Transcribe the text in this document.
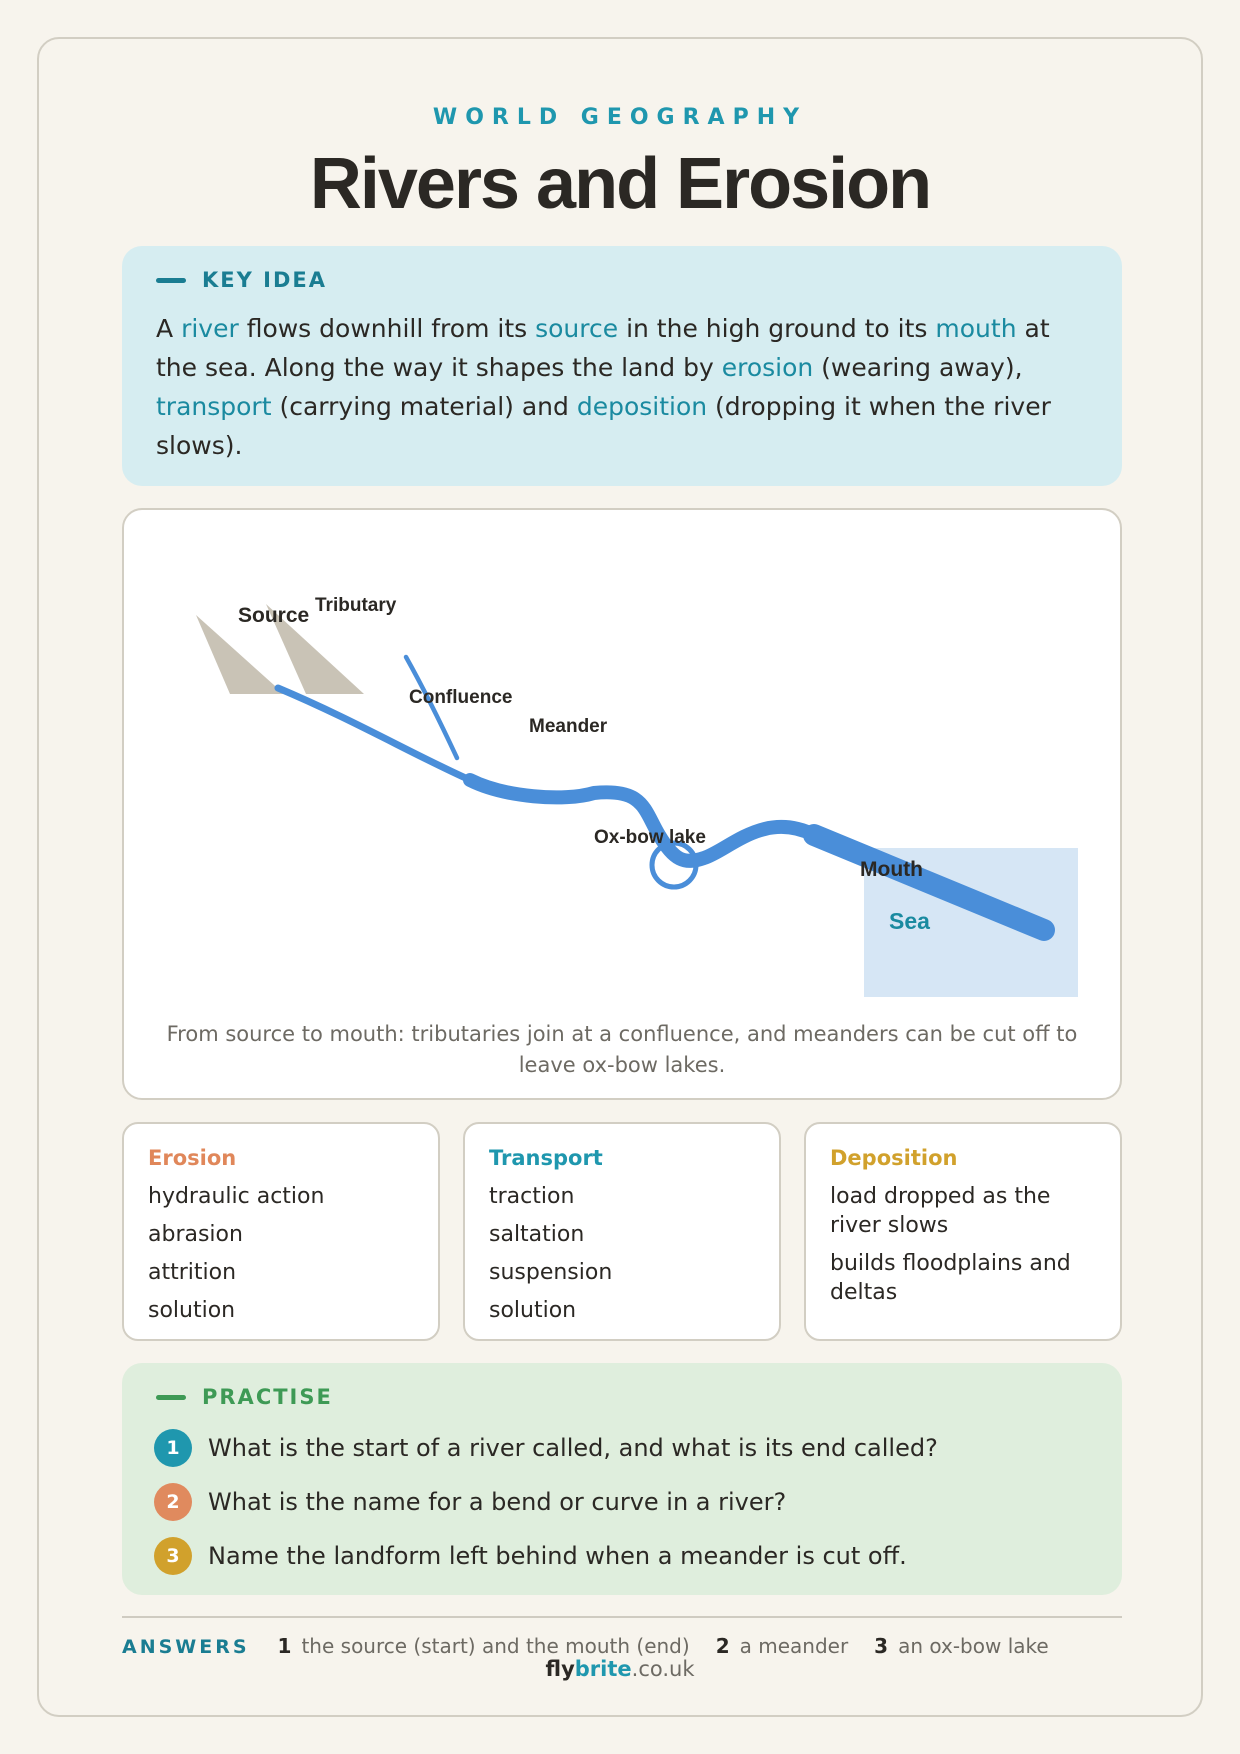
WORLD GEOGRAPHY
Rivers and Erosion
KEY IDEA

A river flows downhill from its source in the high ground to its mouth at the sea. Along the way it shapes the land by erosion (wearing away), transport (carrying material) and deposition (dropping it when the river slows).

Source Tributary
Confluence
Meander
Ox-bow lake
Mouth
Sea

From source to mouth: tributaries join at a confluence, and meanders can be cut off to leave ox-bow lakes.

Erosion
hydraulic action
abrasion
attrition
solution
Transport
traction
saltation
suspension
solution
Deposition
load dropped as the river slows
builds floodplains and deltas
PRACTISE
1	What is the start of a river called, and what is its end called?
2	What is the name for a bend or curve in a river?
3	Name the landform left behind when a meander is cut off.
ANSWERS 1 the source (start) and the mouth (end) 2 a meander 3 an ox-bow lake
flybrite.co.uk
